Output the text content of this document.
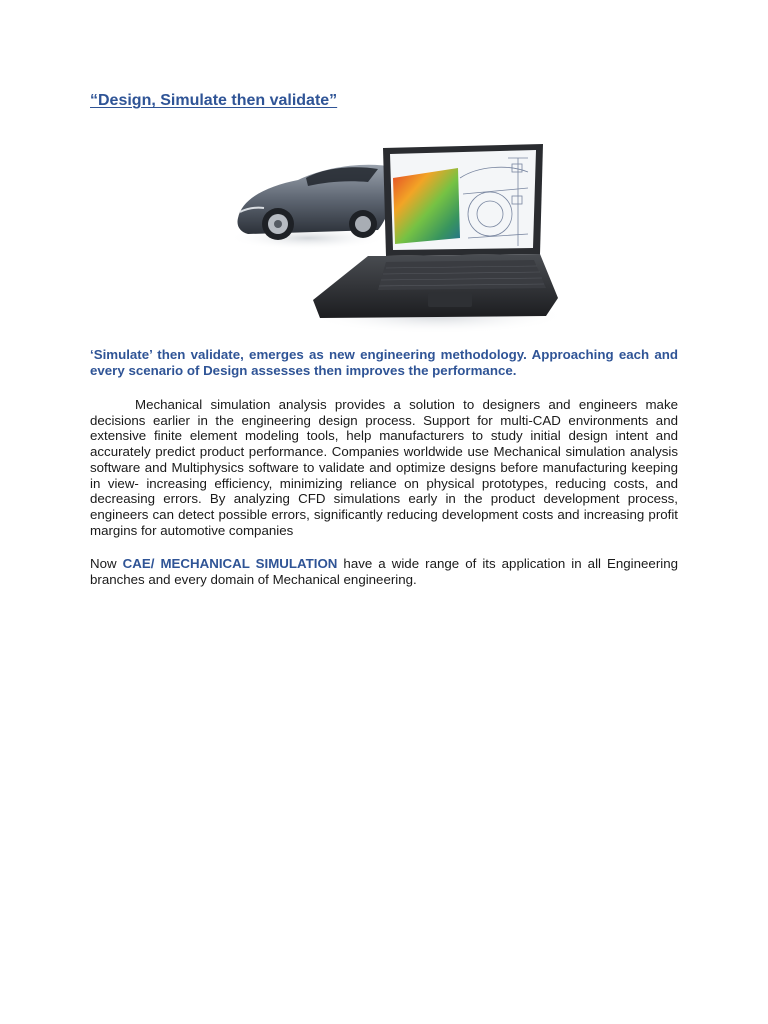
“Design, Simulate then validate”

‘Simulate’ then validate, emerges as new engineering methodology. Approaching each and every scenario of Design assesses then improves the performance.

Mechanical simulation analysis provides a solution to designers and engineers make decisions earlier in the engineering design process. Support for multi-CAD environments and extensive finite element modeling tools, help manufacturers to study initial design intent and accurately predict product performance. Companies worldwide use Mechanical simulation analysis software and Multiphysics software to validate and optimize designs before manufacturing keeping in view- increasing efficiency, minimizing reliance on physical prototypes, reducing costs, and decreasing errors. By analyzing CFD simulations early in the product development process, engineers can detect possible errors, significantly reducing development costs and increasing profit margins for automotive companies

Now CAE/ MECHANICAL SIMULATION have a wide range of its application in all Engineering branches and every domain of Mechanical engineering.
